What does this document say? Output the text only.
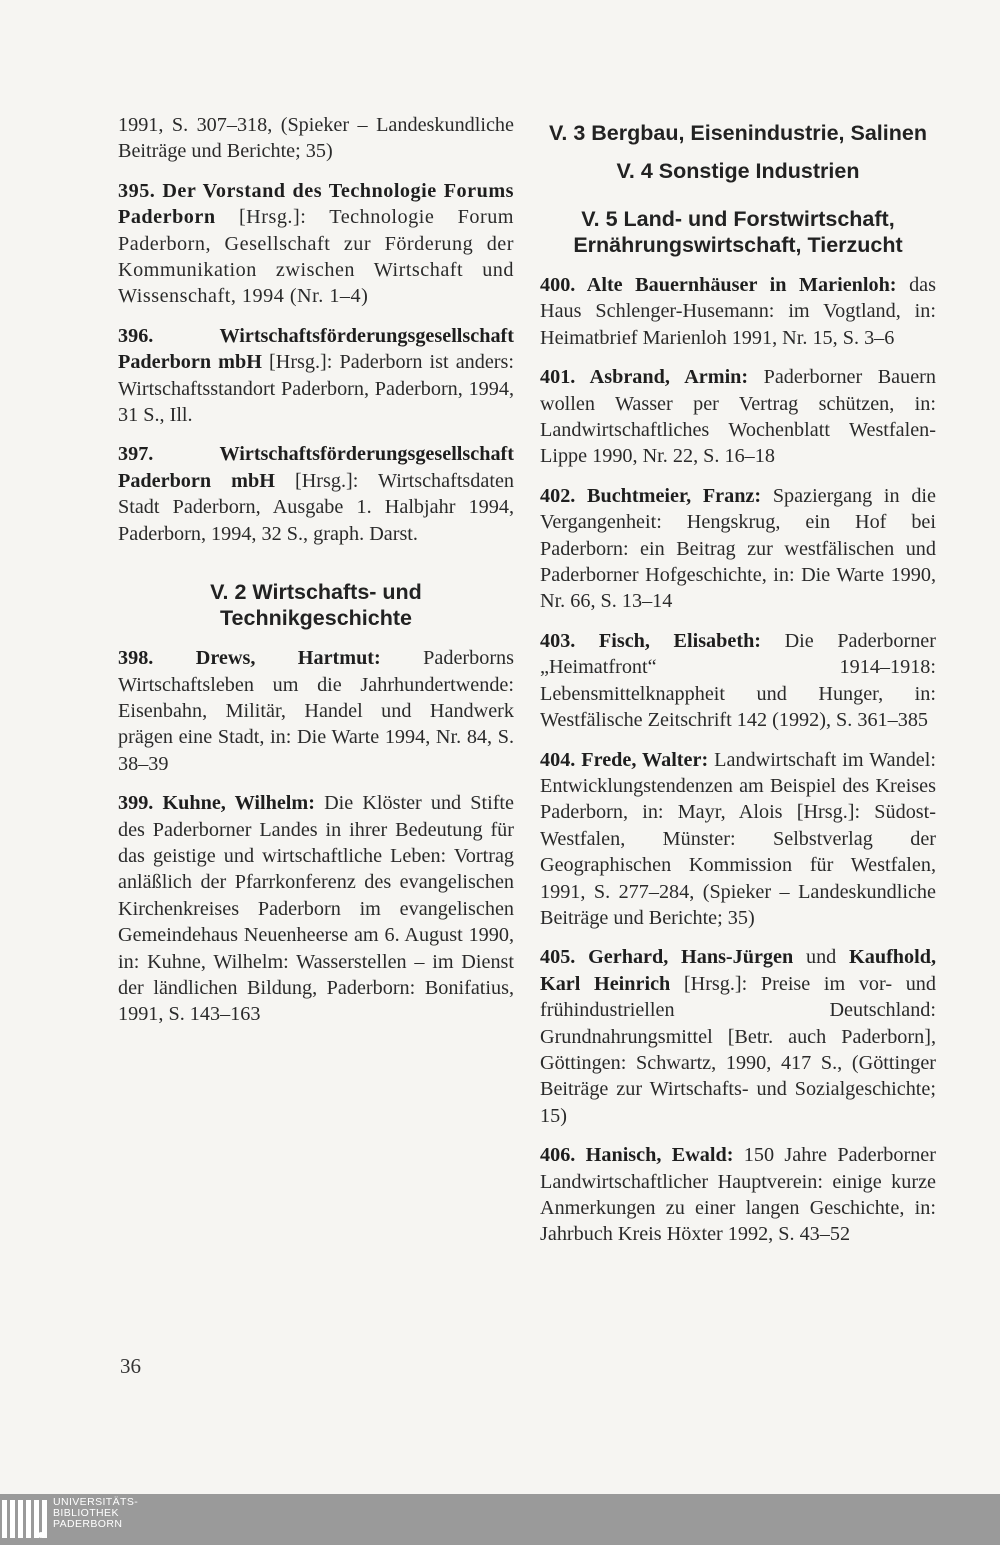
1991, S. 307–318, (Spieker – Landeskundliche Beiträge und Berichte; 35)

395. Der Vorstand des Technologie Forums Paderborn [Hrsg.]: Technologie Forum Paderborn, Gesellschaft zur Förderung der Kommunikation zwischen Wirtschaft und Wissenschaft, 1994 (Nr. 1–4)

396. Wirtschaftsförderungsgesellschaft Paderborn mbH [Hrsg.]: Paderborn ist anders: Wirtschaftsstandort Paderborn, Paderborn, 1994, 31 S., Ill.

397. Wirtschaftsförderungsgesellschaft Paderborn mbH [Hrsg.]: Wirtschaftsdaten Stadt Paderborn, Ausgabe 1. Halbjahr 1994, Paderborn, 1994, 32 S., graph. Darst.

V. 2 Wirtschafts- und Technikgeschichte

398. Drews, Hartmut: Paderborns Wirtschaftsleben um die Jahrhundertwende: Eisenbahn, Militär, Handel und Handwerk prägen eine Stadt, in: Die Warte 1994, Nr. 84, S. 38–39

399. Kuhne, Wilhelm: Die Klöster und Stifte des Paderborner Landes in ihrer Bedeutung für das geistige und wirtschaftliche Leben: Vortrag anläßlich der Pfarrkonferenz des evangelischen Kirchenkreises Paderborn im evangelischen Gemeindehaus Neuenheerse am 6. August 1990, in: Kuhne, Wilhelm: Wasserstellen – im Dienst der ländlichen Bildung, Paderborn: Bonifatius, 1991, S. 143–163

V. 3 Bergbau, Eisenindustrie, Salinen
V. 4 Sonstige Industrien
V. 5 Land- und Forstwirtschaft, Ernährungswirtschaft, Tierzucht

400. Alte Bauernhäuser in Marienloh: das Haus Schlenger-Husemann: im Vogtland, in: Heimatbrief Marienloh 1991, Nr. 15, S. 3–6

401. Asbrand, Armin: Paderborner Bauern wollen Wasser per Vertrag schützen, in: Landwirtschaftliches Wochenblatt Westfalen-Lippe 1990, Nr. 22, S. 16–18

402. Buchtmeier, Franz: Spaziergang in die Vergangenheit: Hengskrug, ein Hof bei Paderborn: ein Beitrag zur westfälischen und Paderborner Hofgeschichte, in: Die Warte 1990, Nr. 66, S. 13–14

403. Fisch, Elisabeth: Die Paderborner „Heimatfront“ 1914–1918: Lebensmittelknappheit und Hunger, in: Westfälische Zeitschrift 142 (1992), S. 361–385

404. Frede, Walter: Landwirtschaft im Wandel: Entwicklungstendenzen am Beispiel des Kreises Paderborn, in: Mayr, Alois [Hrsg.]: Südost-Westfalen, Münster: Selbstverlag der Geographischen Kommission für Westfalen, 1991, S. 277–284, (Spieker – Landeskundliche Beiträge und Berichte; 35)

405. Gerhard, Hans-Jürgen und Kaufhold, Karl Heinrich [Hrsg.]: Preise im vor- und frühindustriellen Deutschland: Grundnahrungsmittel [Betr. auch Paderborn], Göttingen: Schwartz, 1990, 417 S., (Göttinger Beiträge zur Wirtschafts- und Sozialgeschichte; 15)

406. Hanisch, Ewald: 150 Jahre Paderborner Landwirtschaftlicher Hauptverein: einige kurze Anmerkungen zu einer langen Geschichte, in: Jahrbuch Kreis Höxter 1992, S. 43–52

36
UNIVERSITÄTS-
BIBLIOTHEK
PADERBORN
